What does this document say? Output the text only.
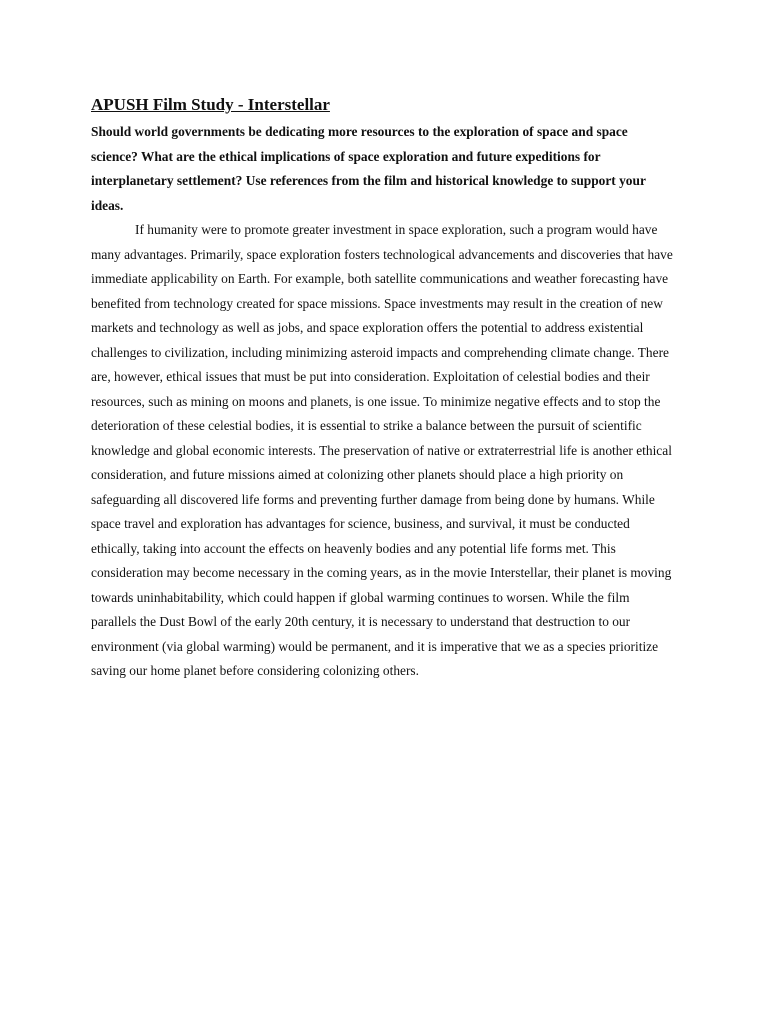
APUSH Film Study - Interstellar

Should world governments be dedicating more resources to the exploration of space and space science? What are the ethical implications of space exploration and future expeditions for interplanetary settlement? Use references from the film and historical knowledge to support your ideas.

If humanity were to promote greater investment in space exploration, such a program would have many advantages. Primarily, space exploration fosters technological advancements and discoveries that have immediate applicability on Earth. For example, both satellite communications and weather forecasting have benefited from technology created for space missions. Space investments may result in the creation of new markets and technology as well as jobs, and space exploration offers the potential to address existential challenges to civilization, including minimizing asteroid impacts and comprehending climate change. There are, however, ethical issues that must be put into consideration. Exploitation of celestial bodies and their resources, such as mining on moons and planets, is one issue. To minimize negative effects and to stop the deterioration of these celestial bodies, it is essential to strike a balance between the pursuit of scientific knowledge and global economic interests. The preservation of native or extraterrestrial life is another ethical consideration, and future missions aimed at colonizing other planets should place a high priority on safeguarding all discovered life forms and preventing further damage from being done by humans. While space travel and exploration has advantages for science, business, and survival, it must be conducted ethically, taking into account the effects on heavenly bodies and any potential life forms met. This consideration may become necessary in the coming years, as in the movie Interstellar, their planet is moving towards uninhabitability, which could happen if global warming continues to worsen. While the film parallels the Dust Bowl of the early 20th century, it is necessary to understand that destruction to our environment (via global warming) would be permanent, and it is imperative that we as a species prioritize saving our home planet before considering colonizing others.
